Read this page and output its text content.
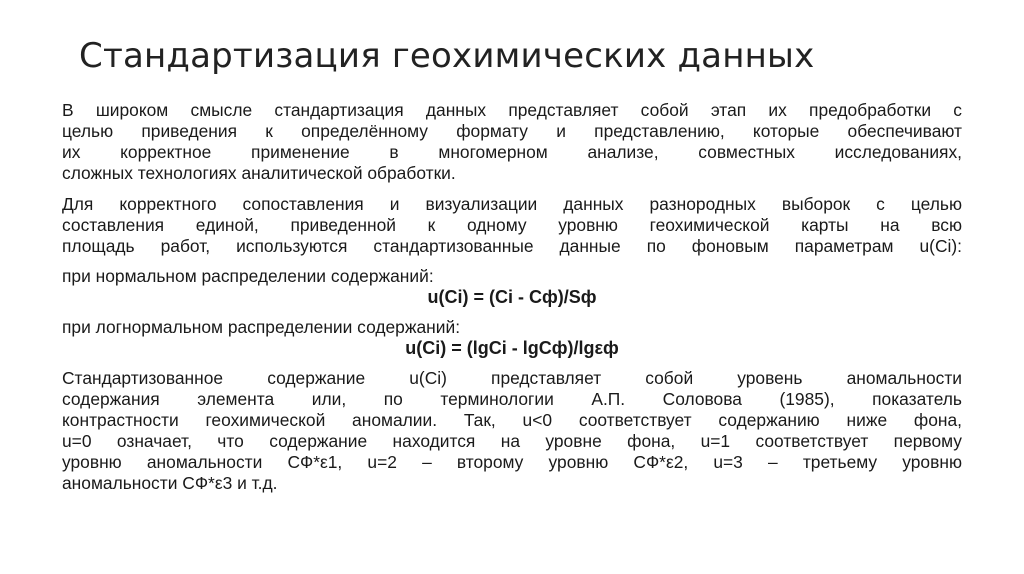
Стандартизация геохимических данных

В широком смысле стандартизация данных представляет собой этап их предобработки с
целью приведения к определённому формату и представлению, которые обеспечивают
их корректное применение в многомерном анализе, совместных исследованиях,
сложных технологиях аналитической обработки.

Для корректного сопоставления и визуализации данных разнородных выборок с целью
составления единой, приведенной к одному уровню геохимической карты на всю
площадь работ, используются стандартизованные данные по фоновым параметрам u(Ci):

при нормальном распределении содержаний:

u(Ci) = (Ci - Cф)/Sф

при логнормальном распределении содержаний:

u(Ci) = (lgCi - lgCф)/lgεф

Стандартизованное содержание u(Ci) представляет собой уровень аномальности
содержания элемента или, по терминологии А.П. Соловова (1985), показатель
контрастности геохимической аномалии. Так, u<0 соответствует содержанию ниже фона,
u=0 означает, что содержание находится на уровне фона, u=1 соответствует первому
уровню аномальности СФ*ε1, u=2 – второму уровню СФ*ε2, u=3 – третьему уровню
аномальности СФ*ε3 и т.д.
